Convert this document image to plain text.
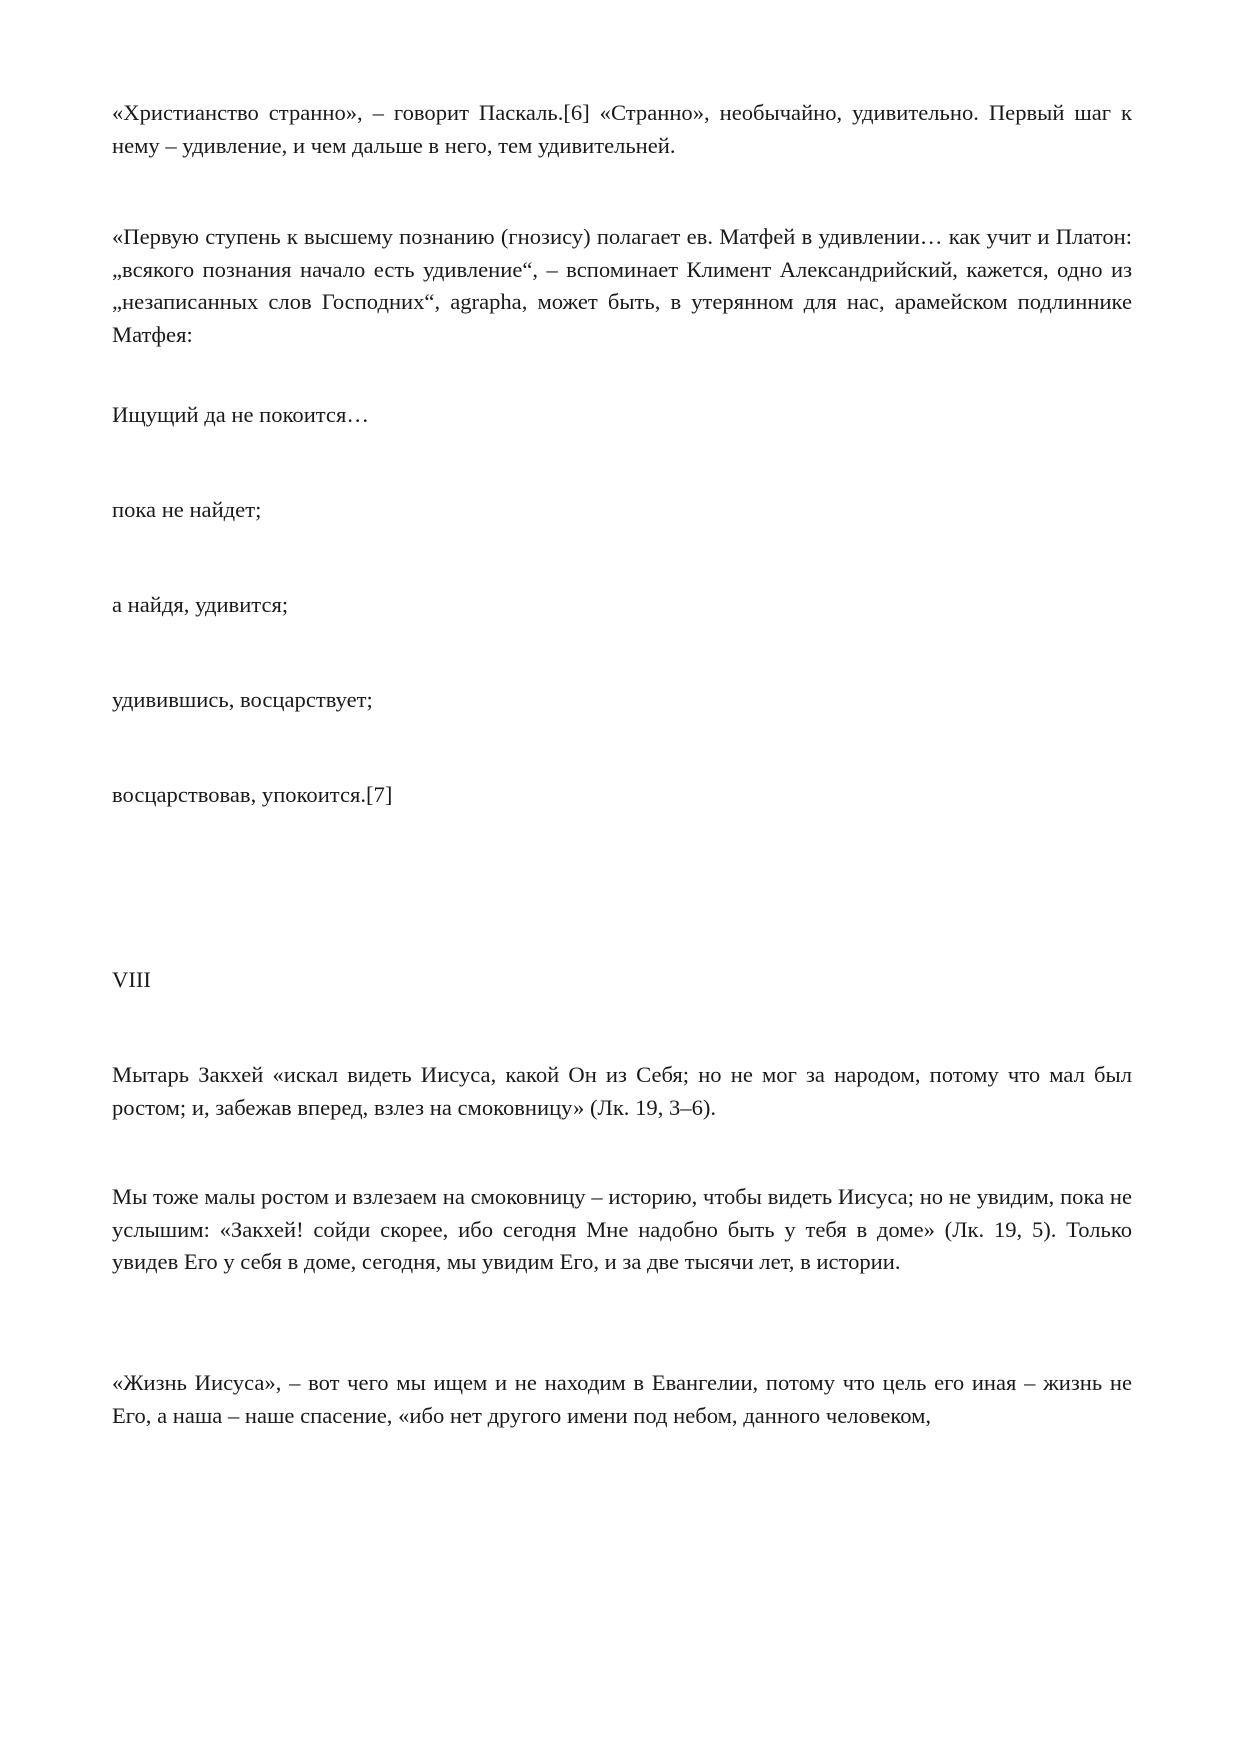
«Христианство странно», – говорит Паскаль.[6] «Странно», необычайно, удивительно. Первый шаг к нему – удивление, и чем дальше в него, тем удивительней.

«Первую ступень к высшему познанию (гнозису) полагает ев. Матфей в удивлении… как учит и Платон: „всякого познания начало есть удивление“, – вспоминает Климент Александрийский, кажется, одно из „незаписанных слов Господних“, agrapha, может быть, в утерянном для нас, арамейском подлиннике Матфея:

Ищущий да не покоится…

пока не найдет;

а найдя, удивится;

удивившись, восцарствует;

восцарствовав, упокоится.[7]

VIII

Мытарь Закхей «искал видеть Иисуса, какой Он из Себя; но не мог за народом, потому что мал был ростом; и, забежав вперед, взлез на смоковницу» (Лк. 19, 3–6).

Мы тоже малы ростом и взлезаем на смоковницу – историю, чтобы видеть Иисуса; но не увидим, пока не услышим: «Закхей! сойди скорее, ибо сегодня Мне надобно быть у тебя в доме» (Лк. 19, 5). Только увидев Его у себя в доме, сегодня, мы увидим Его, и за две тысячи лет, в истории.

«Жизнь Иисуса», – вот чего мы ищем и не находим в Евангелии, потому что цель его иная – жизнь не Его, а наша – наше спасение, «ибо нет другого имени под небом, данного человеком,
